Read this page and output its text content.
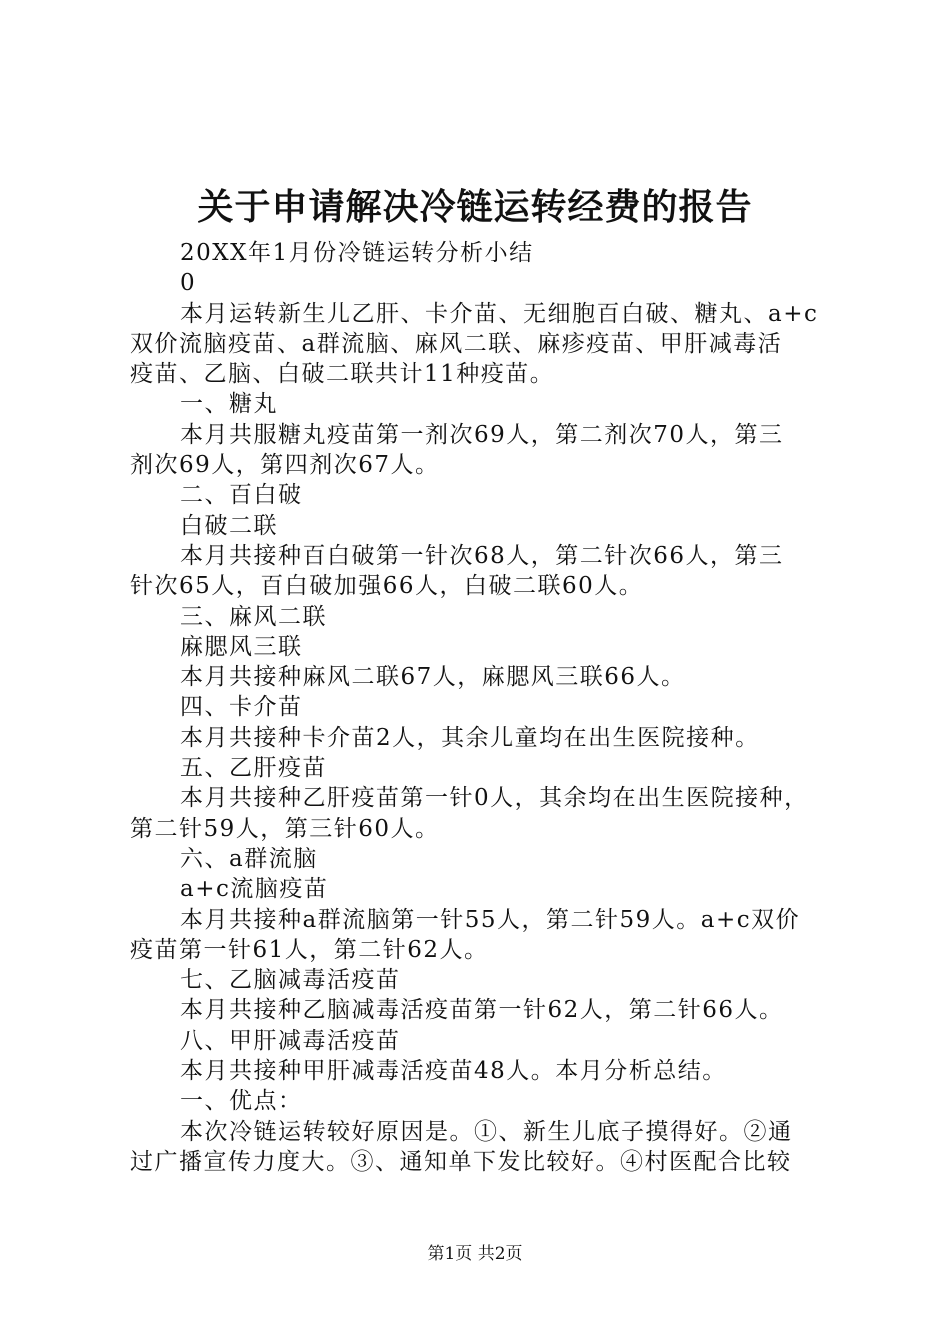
关于申请解决冷链运转经费的报告
20XX年1月份冷链运转分析小结
0
本月运转新生儿乙肝、卡介苗、无细胞百白破、糖丸、a+c
双价流脑疫苗、a群流脑、麻风二联、麻疹疫苗、甲肝减毒活
疫苗、乙脑、白破二联共计11种疫苗。
一、糖丸
本月共服糖丸疫苗第一剂次69人，第二剂次70人，第三
剂次69人，第四剂次67人。
二、百白破
白破二联
本月共接种百白破第一针次68人，第二针次66人，第三
针次65人，百白破加强66人，白破二联60人。
三、麻风二联
麻腮风三联
本月共接种麻风二联67人，麻腮风三联66人。
四、卡介苗
本月共接种卡介苗2人，其余儿童均在出生医院接种。
五、乙肝疫苗
本月共接种乙肝疫苗第一针0人，其余均在出生医院接种，
第二针59人，第三针60人。
六、a群流脑
a+c流脑疫苗
本月共接种a群流脑第一针55人，第二针59人。a+c双价
疫苗第一针61人，第二针62人。
七、乙脑减毒活疫苗
本月共接种乙脑减毒活疫苗第一针62人，第二针66人。
八、甲肝减毒活疫苗
本月共接种甲肝减毒活疫苗48人。本月分析总结。
一、优点：
本次冷链运转较好原因是。①、新生儿底子摸得好。②通
过广播宣传力度大。③、通知单下发比较好。④村医配合比较
第1页 共2页
